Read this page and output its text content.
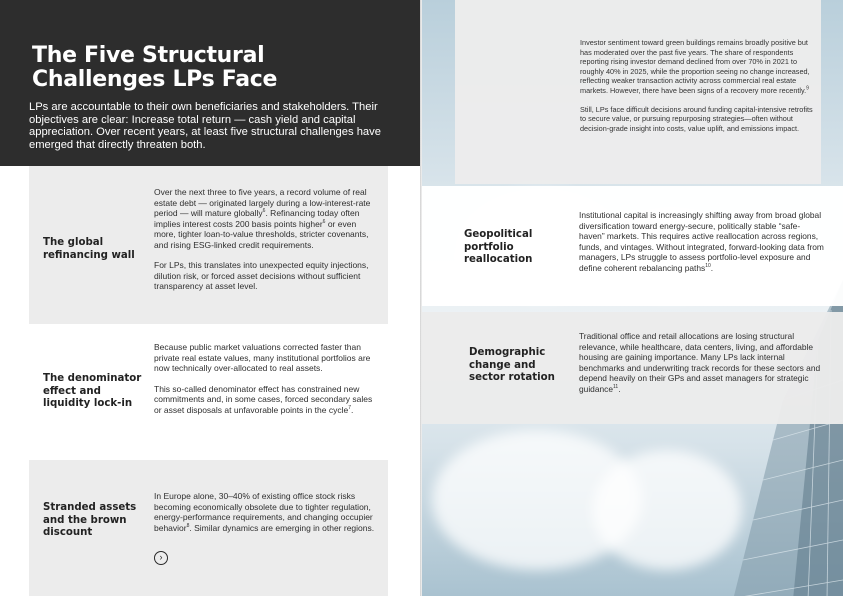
The Five Structural Challenges LPs Face

LPs are accountable to their own beneficiaries and stakeholders. Their objectives are clear: Increase total return — cash yield and capital appreciation. Over recent years, at least five structural challenges have emerged that directly threaten both.

The global refinancing wall

Over the next three to five years, a record volume of real estate debt — originated largely during a low-interest-rate period — will mature globally$^6$. Refinancing today often implies interest costs 200 basis points higher$^6$ or even more, tighter loan-to-value thresholds, stricter covenants, and rising ESG-linked credit requirements.

For LPs, this translates into unexpected equity injections, dilution risk, or forced asset decisions without sufficient transparency at asset level.

The denominator effect and liquidity lock-in

Because public market valuations corrected faster than private real estate values, many institutional portfolios are now technically over-allocated to real assets.

This so-called denominator effect has constrained new commitments and, in some cases, forced secondary sales or asset disposals at unfavorable points in the cycle$^7$.

Stranded assets and the brown discount

In Europe alone, 30–40% of existing office stock risks becoming economically obsolete due to tighter regulation, energy-performance requirements, and changing occupier behavior$^8$. Similar dynamics are emerging in other regions.

›

Investor sentiment toward green buildings remains broadly positive but has moderated over the past five years. The share of respondents reporting rising investor demand declined from over 70% in 2021 to roughly 40% in 2025, while the proportion seeing no change increased, reflecting weaker transaction activity across commercial real estate markets. However, there have been signs of a recovery more recently.$^9$

Still, LPs face difficult decisions around funding capital-intensive retrofits to secure value, or pursuing repurposing strategies—often without decision-grade insight into costs, value uplift, and emissions impact.

Geopolitical portfolio reallocation
Institutional capital is increasingly shifting away from broad global diversification toward energy-secure, politically stable “safe-haven” markets. This requires active reallocation across regions, funds, and vintages. Without integrated, forward-looking data from managers, LPs struggle to assess portfolio-level exposure and define coherent rebalancing paths$^{10}$.
Demographic change and sector rotation
Traditional office and retail allocations are losing structural relevance, while healthcare, data centers, living, and affordable housing are gaining importance. Many LPs lack internal benchmarks and underwriting track records for these sectors and depend heavily on their GPs and asset managers for strategic guidance$^{11}$.
